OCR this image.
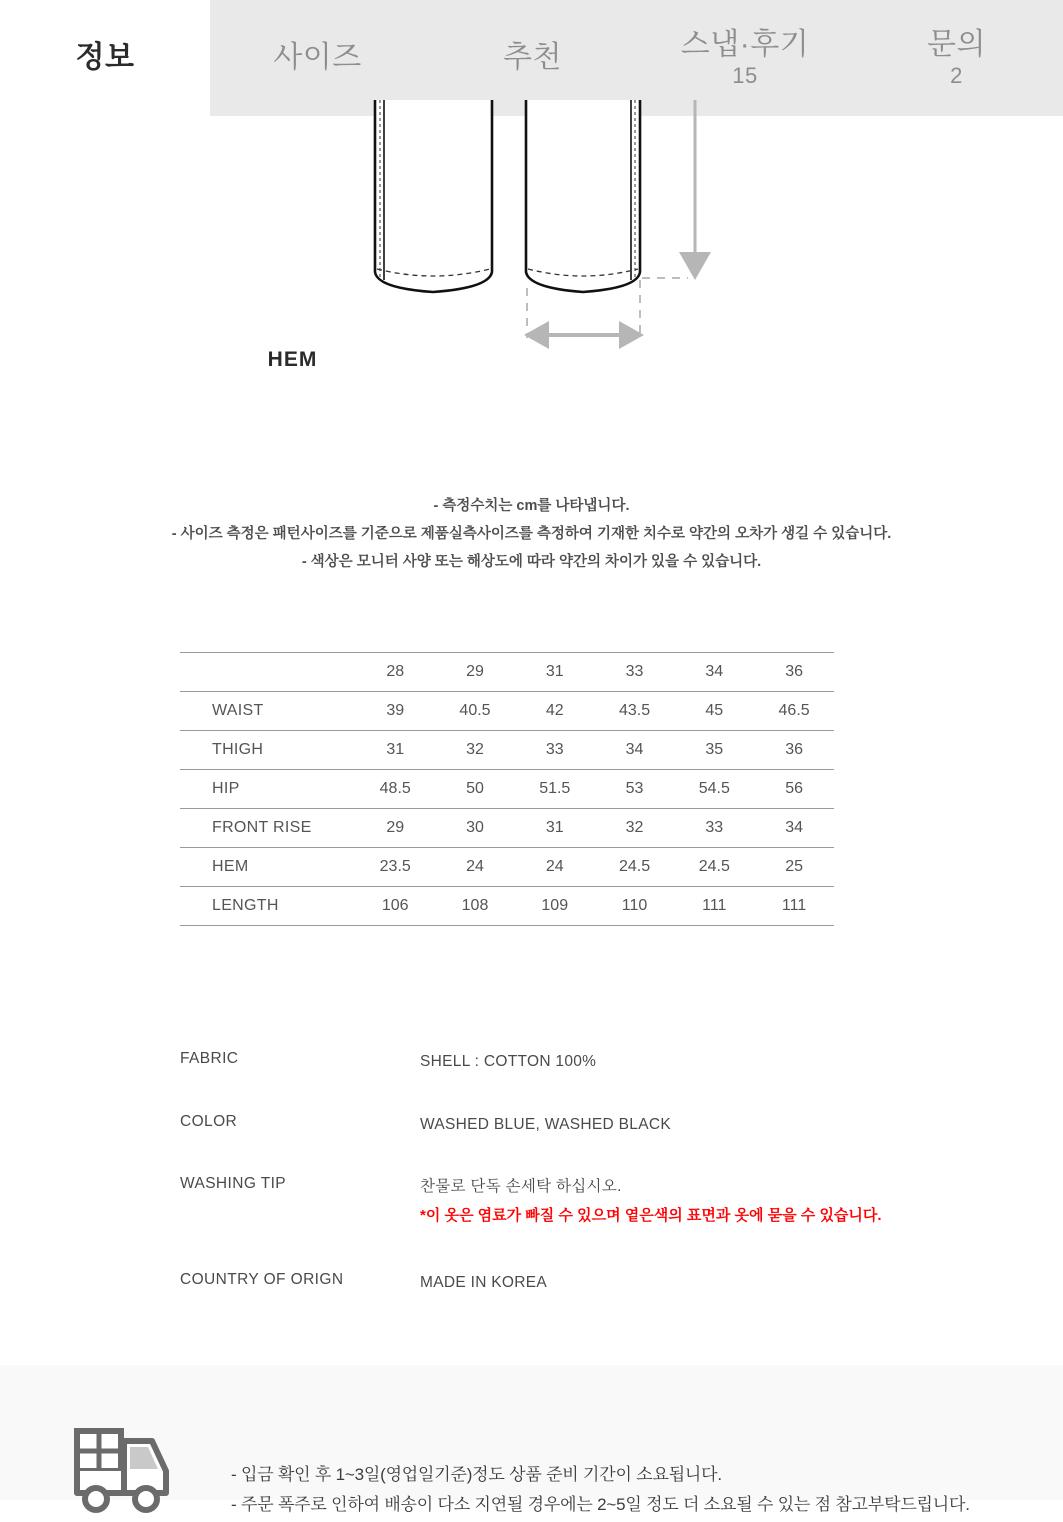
정보	사이즈	추천	스냅·후기
15
문의
2
HEM
- 측정수치는 cm를 나타냅니다.
- 사이즈 측정은 패턴사이즈를 기준으로 제품실측사이즈를 측정하여 기재한 치수로 약간의 오차가 생길 수 있습니다.
- 색상은 모니터 사양 또는 해상도에 따라 약간의 차이가 있을 수 있습니다.
	28	29	31	33	34	36
WAIST	39	40.5	42	43.5	45	46.5
THIGH	31	32	33	34	35	36
HIP	48.5	50	51.5	53	54.5	56
FRONT RISE	29	30	31	32	33	34
HEM	23.5	24	24	24.5	24.5	25
LENGTH	106	108	109	110	111	111
FABRIC	SHELL : COTTON 100%
COLOR	WASHED BLUE, WASHED BLACK
WASHING TIP	찬물로 단독 손세탁 하십시오.
*이 옷은 염료가 빠질 수 있으며 옅은색의 표면과 옷에 묻을 수 있습니다.
COUNTRY OF ORIGN	MADE IN KOREA
- 입금 확인 후 1~3일(영업일기준)정도 상품 준비 기간이 소요됩니다.
- 주문 폭주로 인하여 배송이 다소 지연될 경우에는 2~5일 정도 더 소요될 수 있는 점 참고부탁드립니다.
